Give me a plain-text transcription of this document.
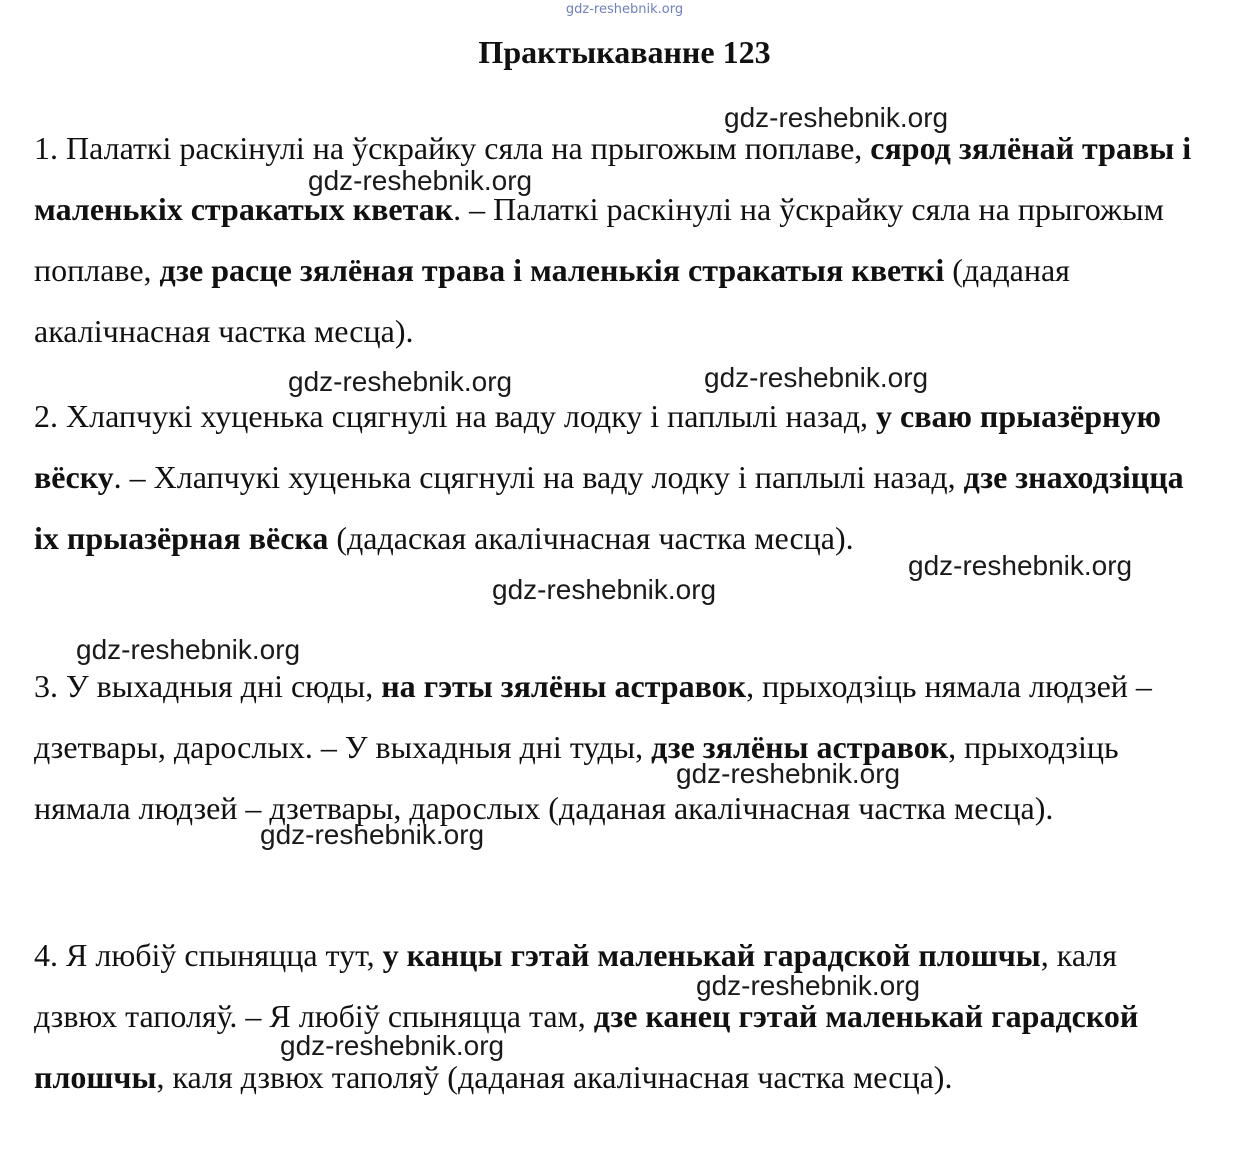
gdz-reshebnik.org
Практыкаванне 123

1. Палаткі раскінулі на ўскрайку сяла на прыгожым поплаве, сярод зялёнай травы і маленькіх стракатых кветак. – Палаткі раскінулі на ўскрайку сяла на прыгожым поплаве, дзе расце зялёная трава і маленькія стракатыя кветкі (даданая акалічнасная частка месца).

2. Хлапчукі хуценька сцягнулі на ваду лодку і паплылі назад, у сваю прыазёрную вёску. – Хлапчукі хуценька сцягнулі на ваду лодку і паплылі назад, дзе знаходзіцца іх прыазёрная вёска (дадаская акалічнасная частка месца).

3. У выхадныя дні сюды, на гэты зялёны астравок, прыходзіць нямала людзей – дзетвары, дарослых. – У выхадныя дні туды, дзе зялёны астравок, прыходзіць нямала людзей – дзетвары, дарослых (даданая акалічнасная частка месца).

4. Я любіў спыняцца тут, у канцы гэтай маленькай гарадской плошчы, каля дзвюх таполяў. – Я любіў спыняцца там, дзе канец гэтай маленькай гарадской плошчы, каля дзвюх таполяў (даданая акалічнасная частка месца).

gdz-reshebnik.org
gdz-reshebnik.org
gdz-reshebnik.org	gdz-reshebnik.org
gdz-reshebnik.org
gdz-reshebnik.org
gdz-reshebnik.org
gdz-reshebnik.org
gdz-reshebnik.org
gdz-reshebnik.org
gdz-reshebnik.org
